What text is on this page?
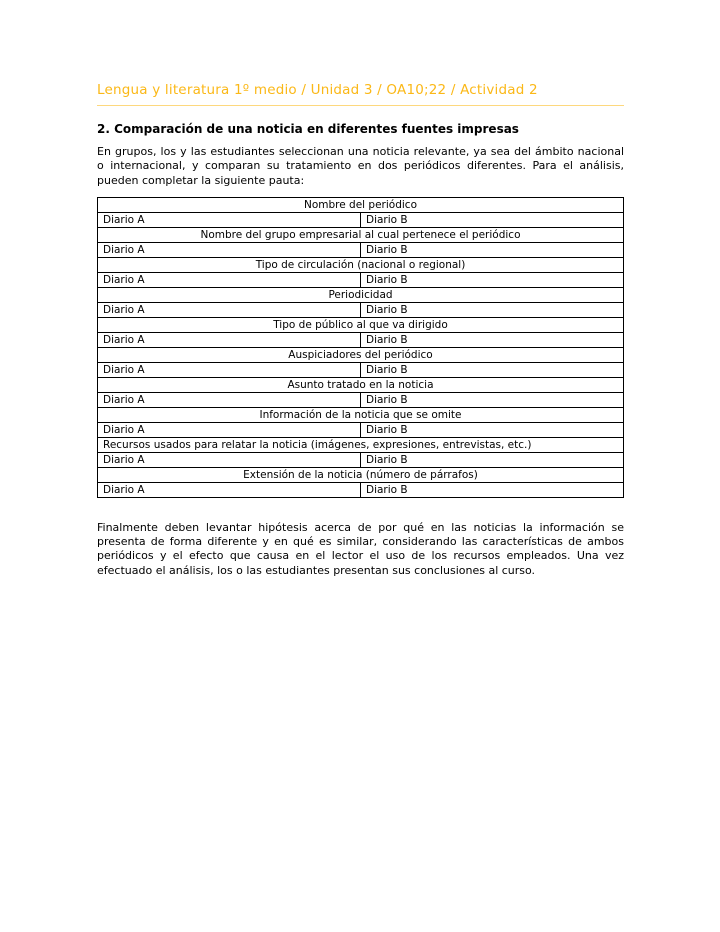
Lengua y literatura 1º medio / Unidad 3 / OA10;22 / Actividad 2
2. Comparación de una noticia en diferentes fuentes impresas

En grupos, los y las estudiantes seleccionan una noticia relevante, ya sea del ámbito nacional o internacional, y comparan su tratamiento en dos periódicos diferentes. Para el análisis, pueden completar la siguiente pauta:

Nombre del periódico	
Diario A	Diario B
Nombre del grupo empresarial al cual pertenece el periódico	
Diario A	Diario B
Tipo de circulación (nacional o regional)	
Diario A	Diario B
Periodicidad	
Diario A	Diario B
Tipo de público al que va dirigido	
Diario A	Diario B
Auspiciadores del periódico	
Diario A	Diario B
Asunto tratado en la noticia	
Diario A	Diario B
Información de la noticia que se omite	
Diario A	Diario B
Recursos usados para relatar la noticia (imágenes, expresiones, entrevistas, etc.)	
Diario A	Diario B
Extensión de la noticia (número de párrafos)	
Diario A	Diario B

Finalmente deben levantar hipótesis acerca de por qué en las noticias la información se presenta de forma diferente y en qué es similar, considerando las características de ambos periódicos y el efecto que causa en el lector el uso de los recursos empleados. Una vez efectuado el análisis, los o las estudiantes presentan sus conclusiones al curso.
